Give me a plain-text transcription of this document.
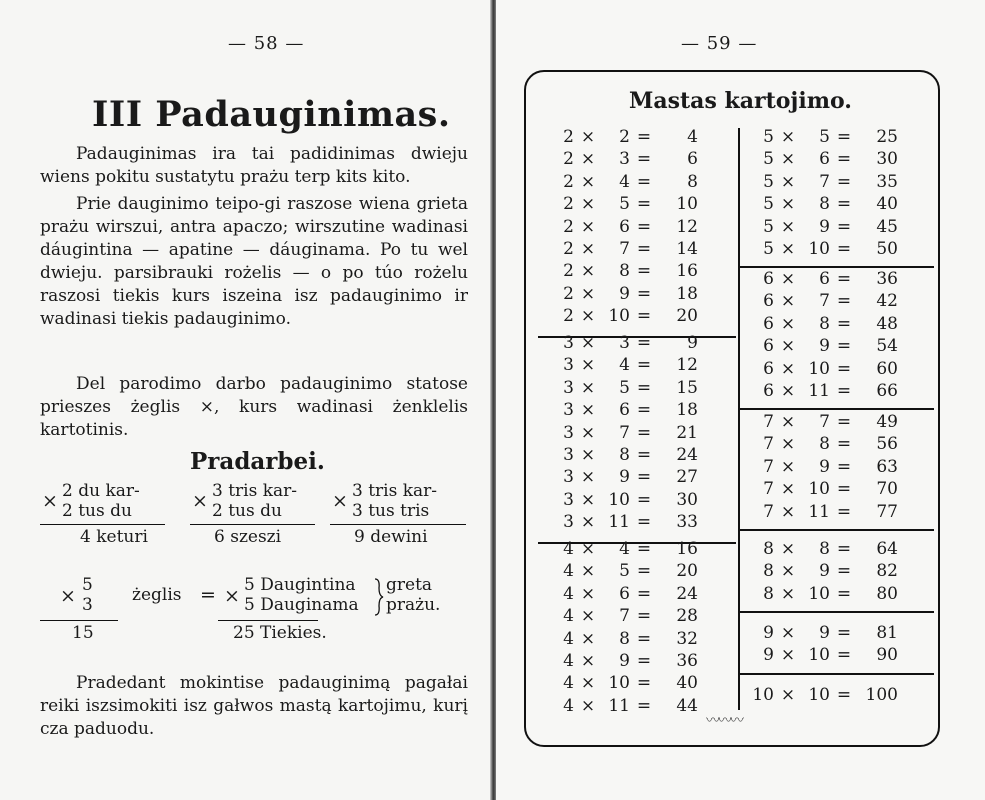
— 58 —
III Padauginimas.

Padauginimas ira tai padidinimas dwieju wiens pokitu sustatytu prażu terp kits kito.

Prie dauginimo teipo-gi raszose wiena grieta prażu wirszui, antra apaczo; wirszutine wadinasi dáugintina — apatine — dáuginama. Po tu wel dwieju. parsibrauki rożelis — o po túo rożelu raszosi tiekis kurs iszeina isz padauginimo ir wadinasi tiekis padauginimo.

Del parodimo darbo padauginimo statose prieszes żeglis ×, kurs wadinasi żenklelis kartotinis.

Pradarbei.
× 2 du kar-
2 tus du
4 keturi
× 3 tris kar-
2 tus du
6 szeszi
× 3 tris kar-
3 tus tris
9 dewini
× 5
3
15
żeglis = × 5 Daugintina
5 Dauginama
greta
prażu.
25 Tiekies.

Pradedant mokintise padauginimą pagałai reiki iszsimokiti isz gałwos mastą kartojimu, kurį cza paduodu.

— 59 —
Mastas kartojimo.
2 ×	2 =	4
2 ×	3 =	6
2 ×	4 =	8
2 ×	5 =	10
2 ×	6 =	12
2 ×	7 =	14
2 ×	8 =	16
2 ×	9 =	18
2 × 10 =	20
3 ×	3 =	9
3 ×	4 =	12
3 ×	5 =	15
3 ×	6 =	18
3 ×	7 =	21
3 ×	8 =	24
3 ×	9 =	27
3 × 10 =	30
3 × 11 =	33
4 ×	4 =	16
4 ×	5 =	20
4 ×	6 =	24
4 ×	7 =	28
4 ×	8 =	32
4 ×	9 =	36
4 × 10 =	40
4 × 11 =	44
5 ×	5 =	25
5 ×	6 =	30
5 ×	7 =	35
5 ×	8 =	40
5 ×	9 =	45
5 × 10 =	50
6 ×	6 =	36
6 ×	7 =	42
6 ×	8 =	48
6 ×	9 =	54
6 × 10 =	60
6 × 11 =	66
7 ×	7 =	49
7 ×	8 =	56
7 ×	9 =	63
7 × 10 =	70
7 × 11 =	77
8 ×	8 =	64
8 ×	9 =	82
8 × 10 =	80
9 ×	9 =	81
9 × 10 =	90
10 × 10 = 100
〰〰〰
